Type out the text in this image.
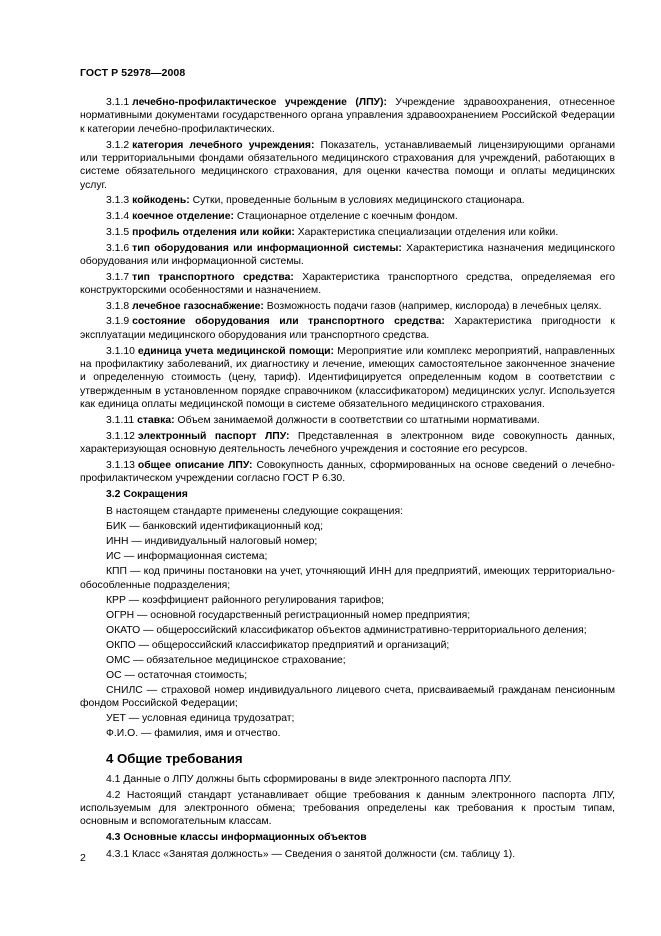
ГОСТ Р 52978—2008
3.1.1 лечебно-профилактическое учреждение (ЛПУ): Учреждение здравоохранения, отнесенное нормативными документами государственного органа управления здравоохранением Российской Федерации к категории лечебно-профилактических.
3.1.2 категория лечебного учреждения: Показатель, устанавливаемый лицензирующими органами или территориальными фондами обязательного медицинского страхования для учреждений, работающих в системе обязательного медицинского страхования, для оценки качества помощи и оплаты медицинских услуг.
3.1.3 койкодень: Сутки, проведенные больным в условиях медицинского стационара.
3.1.4 коечное отделение: Стационарное отделение с коечным фондом.
3.1.5 профиль отделения или койки: Характеристика специализации отделения или койки.
3.1.6 тип оборудования или информационной системы: Характеристика назначения медицинского оборудования или информационной системы.
3.1.7 тип транспортного средства: Характеристика транспортного средства, определяемая его конструкторскими особенностями и назначением.
3.1.8 лечебное газоснабжение: Возможность подачи газов (например, кислорода) в лечебных целях.
3.1.9 состояние оборудования или транспортного средства: Характеристика пригодности к эксплуатации медицинского оборудования или транспортного средства.
3.1.10 единица учета медицинской помощи: Мероприятие или комплекс мероприятий, направленных на профилактику заболеваний, их диагностику и лечение, имеющих самостоятельное законченное значение и определенную стоимость (цену, тариф). Идентифицируется определенным кодом в соответствии с утвержденным в установленном порядке справочником (классификатором) медицинских услуг. Используется как единица оплаты медицинской помощи в системе обязательного медицинского страхования.
3.1.11 ставка: Объем занимаемой должности в соответствии со штатными нормативами.
3.1.12 электронный паспорт ЛПУ: Представленная в электронном виде совокупность данных, характеризующая основную деятельность лечебного учреждения и состояние его ресурсов.
3.1.13 общее описание ЛПУ: Совокупность данных, сформированных на основе сведений о лечебно-профилактическом учреждении согласно ГОСТ Р 6.30.
3.2 Сокращения
В настоящем стандарте применены следующие сокращения:
БИК — банковский идентификационный код;
ИНН — индивидуальный налоговый номер;
ИС — информационная система;
КПП — код причины постановки на учет, уточняющий ИНН для предприятий, имеющих территориально-обособленные подразделения;
КРР — коэффициент районного регулирования тарифов;
ОГРН — основной государственный регистрационный номер предприятия;
ОКАТО — общероссийский классификатор объектов административно-территориального деления;
ОКПО — общероссийский классификатор предприятий и организаций;
ОМС — обязательное медицинское страхование;
ОС — остаточная стоимость;
СНИЛС — страховой номер индивидуального лицевого счета, присваиваемый гражданам пенсионным фондом Российской Федерации;
УЕТ — условная единица трудозатрат;
Ф.И.О. — фамилия, имя и отчество.
4 Общие требования
4.1 Данные о ЛПУ должны быть сформированы в виде электронного паспорта ЛПУ.
4.2 Настоящий стандарт устанавливает общие требования к данным электронного паспорта ЛПУ, используемым для электронного обмена; требования определены как требования к простым типам, основным и вспомогательным классам.
4.3 Основные классы информационных объектов
4.3.1 Класс «Занятая должность» — Сведения о занятой должности (см. таблицу 1).
2
